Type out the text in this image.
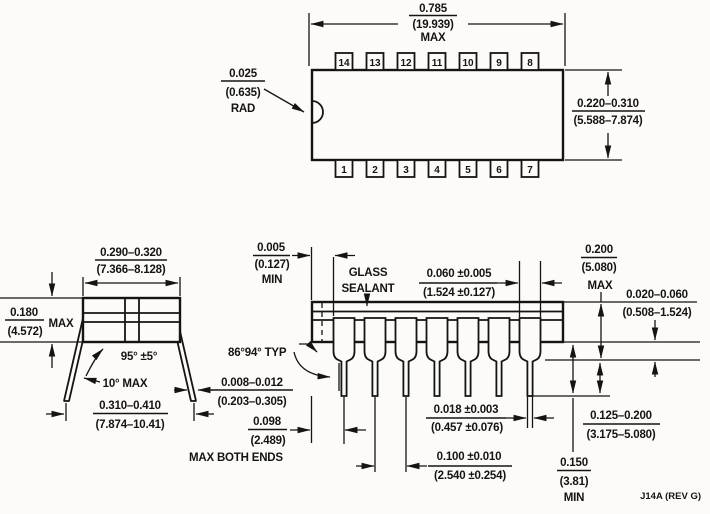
0.785
(19.939)
MAX
14 13 12 11 10 9	8
1	2	3	4	5	6	7
0.025
(0.635)
RAD	0.220–0.310
(5.588–7.874)
0.290–0.320
(7.366–8.128)
0.180
(4.572)
MAX
95° ±5°
10° MAX
0.310–0.410
(7.874–10.41)
0.008–0.012
(0.203–0.305)
0.098
(2.489)
MAX BOTH ENDS
0.005
(0.127)
MIN
GLASS
SEALANT
0.060 ±0.005
(1.524 ±0.127)
86°94° TYP
0.200
(5.080)
MAX
0.020–0.060
(0.508–1.524)
0.125–0.200
(3.175–5.080)
0.150
(3.81)
MIN
0.018 ±0.003
(0.457 ±0.076)
0.100 ±0.010
(2.540 ±0.254)
J14A (REV G)
